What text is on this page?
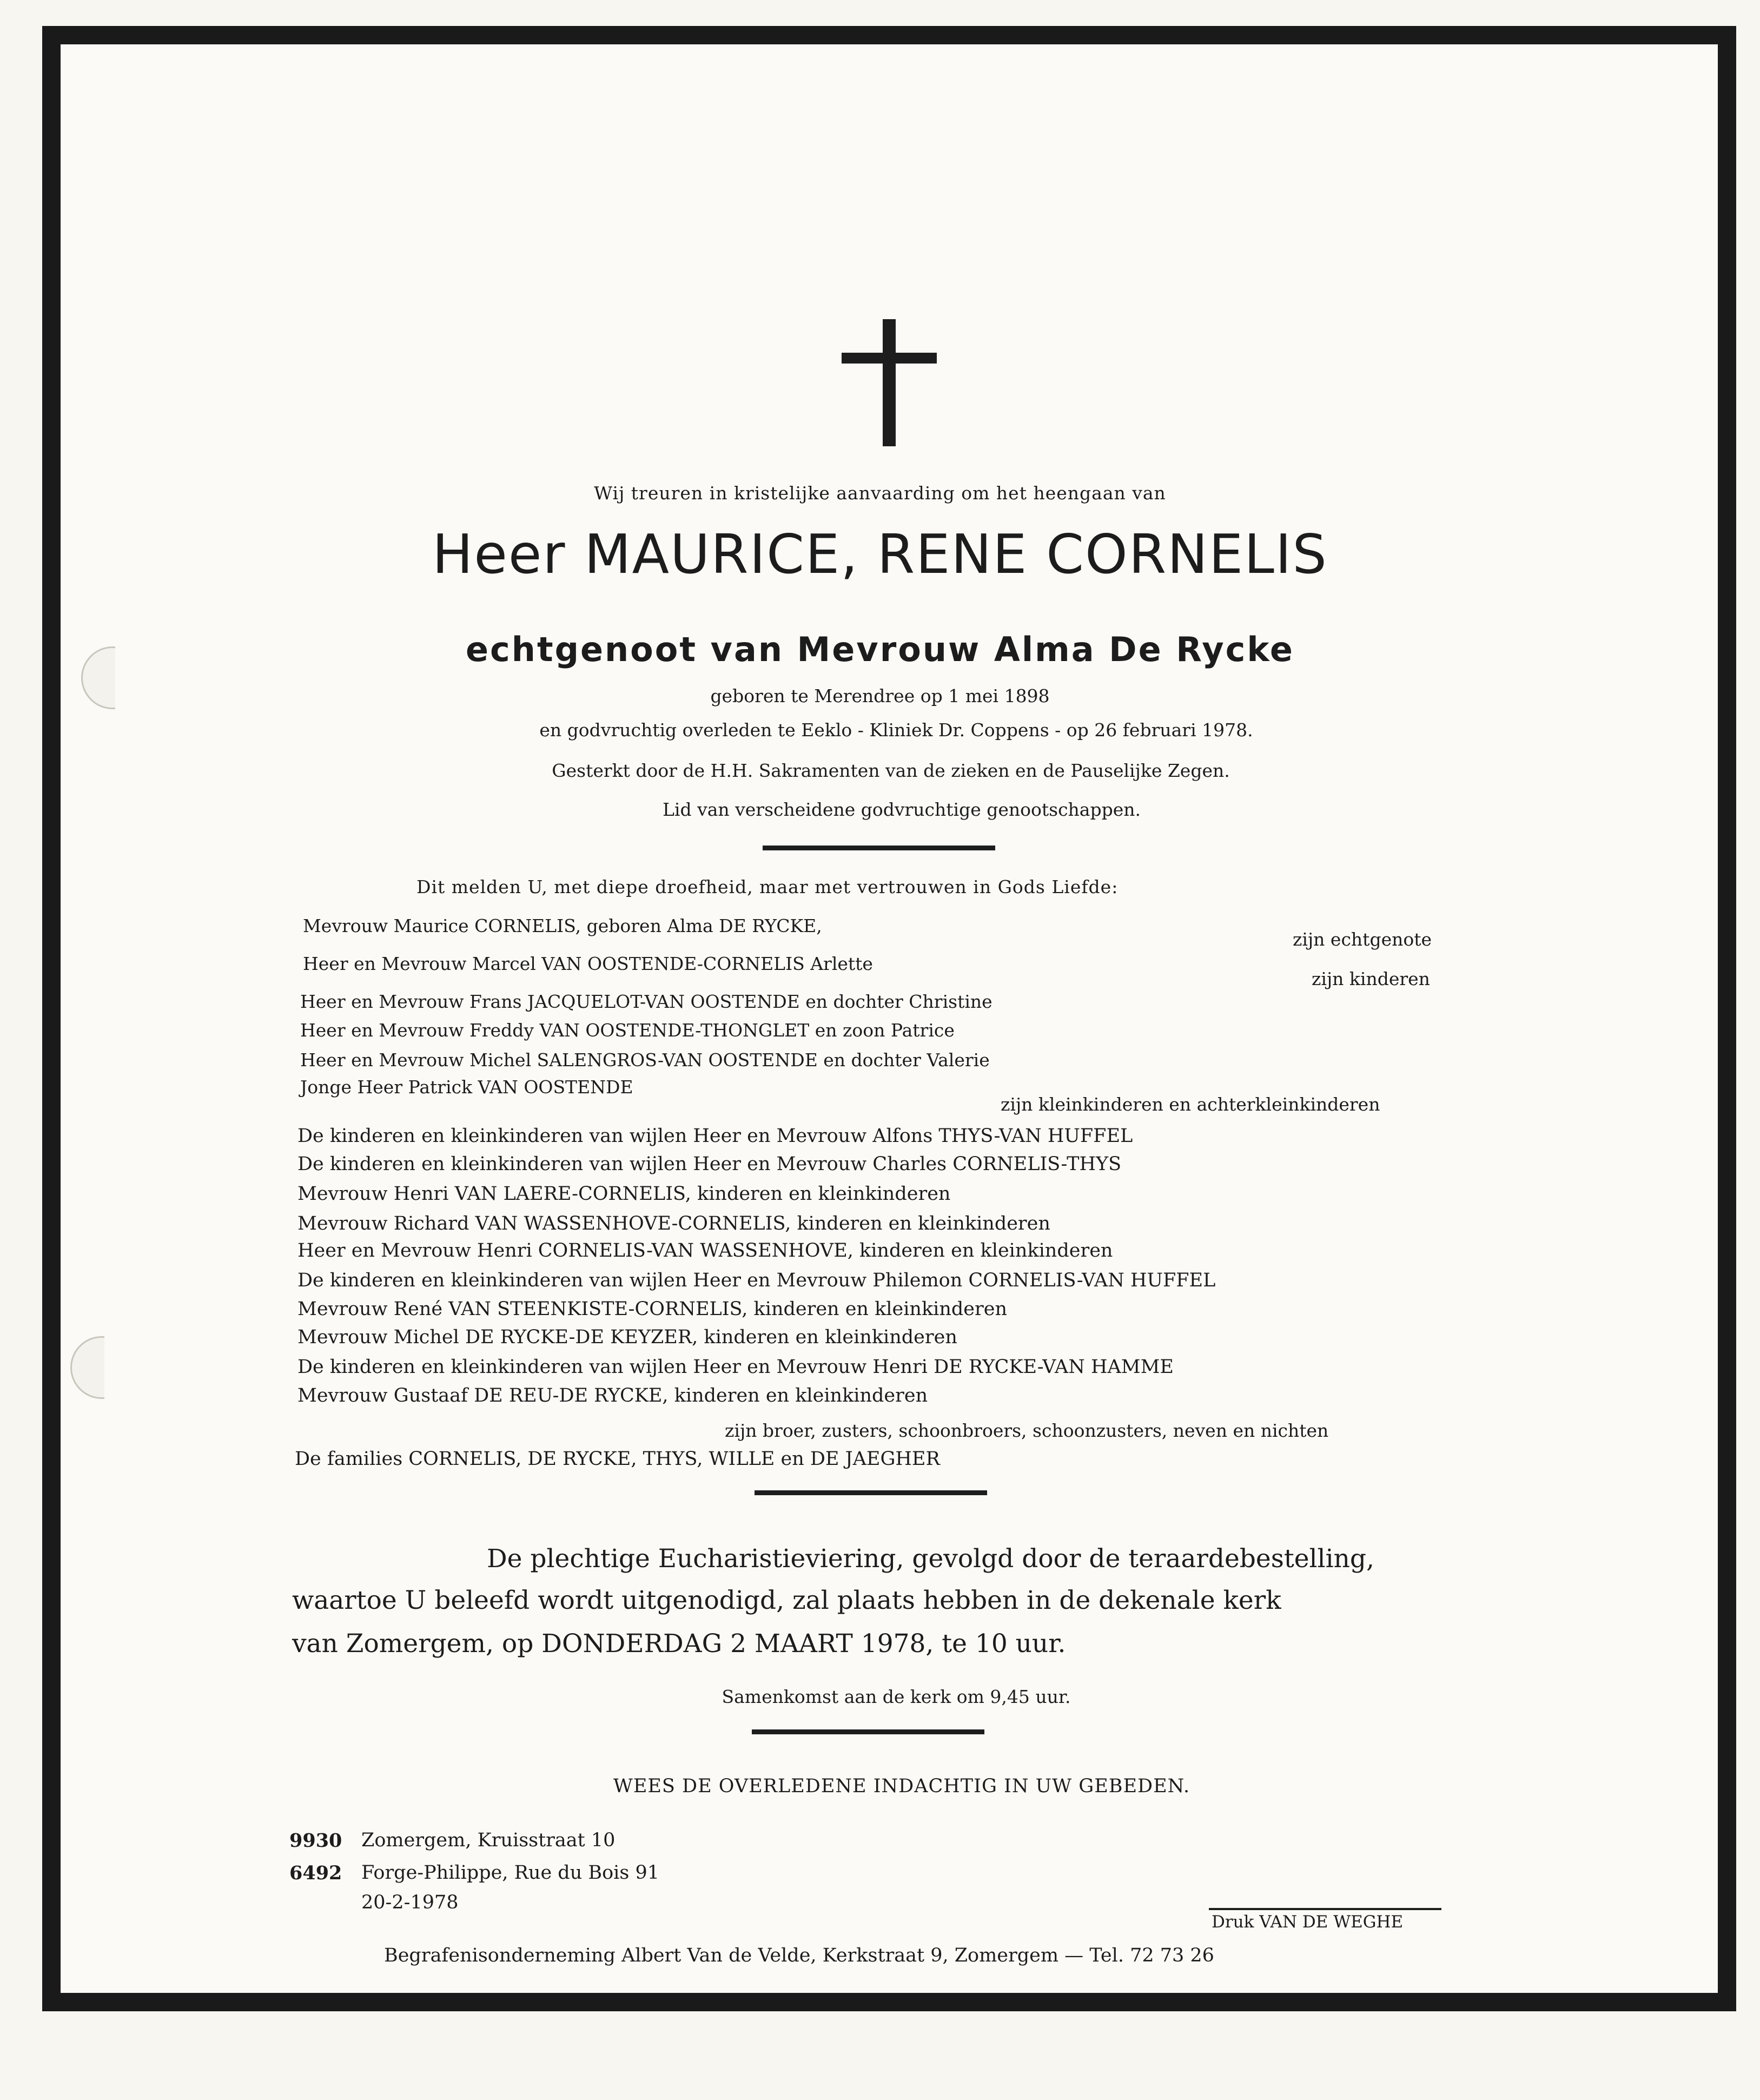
Wij treuren in kristelijke aanvaarding om het heengaan van
Heer MAURICE, RENE CORNELIS
echtgenoot van Mevrouw Alma De Rycke
geboren te Merendree op 1 mei 1898
en godvruchtig overleden te Eeklo - Kliniek Dr. Coppens - op 26 februari 1978.
Gesterkt door de H.H. Sakramenten van de zieken en de Pauselijke Zegen.
Lid van verscheidene godvruchtige genootschappen.
Dit melden U, met diepe droefheid, maar met vertrouwen in Gods Liefde:
Mevrouw Maurice CORNELIS, geboren Alma DE RYCKE,
zijn echtgenote
Heer en Mevrouw Marcel VAN OOSTENDE-CORNELIS Arlette
zijn kinderen
Heer en Mevrouw Frans JACQUELOT-VAN OOSTENDE en dochter Christine
Heer en Mevrouw Freddy VAN OOSTENDE-THONGLET en zoon Patrice
Heer en Mevrouw Michel SALENGROS-VAN OOSTENDE en dochter Valerie
Jonge Heer Patrick VAN OOSTENDE
zijn kleinkinderen en achterkleinkinderen
De kinderen en kleinkinderen van wijlen Heer en Mevrouw Alfons THYS-VAN HUFFEL
De kinderen en kleinkinderen van wijlen Heer en Mevrouw Charles CORNELIS-THYS
Mevrouw Henri VAN LAERE-CORNELIS, kinderen en kleinkinderen
Mevrouw Richard VAN WASSENHOVE-CORNELIS, kinderen en kleinkinderen
Heer en Mevrouw Henri CORNELIS-VAN WASSENHOVE, kinderen en kleinkinderen
De kinderen en kleinkinderen van wijlen Heer en Mevrouw Philemon CORNELIS-VAN HUFFEL
Mevrouw René VAN STEENKISTE-CORNELIS, kinderen en kleinkinderen
Mevrouw Michel DE RYCKE-DE KEYZER, kinderen en kleinkinderen
De kinderen en kleinkinderen van wijlen Heer en Mevrouw Henri DE RYCKE-VAN HAMME
Mevrouw Gustaaf DE REU-DE RYCKE, kinderen en kleinkinderen
zijn broer, zusters, schoonbroers, schoonzusters, neven en nichten
De families CORNELIS, DE RYCKE, THYS, WILLE en DE JAEGHER
De plechtige Eucharistieviering, gevolgd door de teraardebestelling,
waartoe U beleefd wordt uitgenodigd, zal plaats hebben in de dekenale kerk
van Zomergem, op DONDERDAG 2 MAART 1978, te 10 uur.
Samenkomst aan de kerk om 9,45 uur.
WEES DE OVERLEDENE INDACHTIG IN UW GEBEDEN.
9930 Zomergem, Kruisstraat 10
6492 Forge-Philippe, Rue du Bois 91
20-2-1978
Druk VAN DE WEGHE
Begrafenisonderneming Albert Van de Velde, Kerkstraat 9, Zomergem — Tel. 72 73 26
